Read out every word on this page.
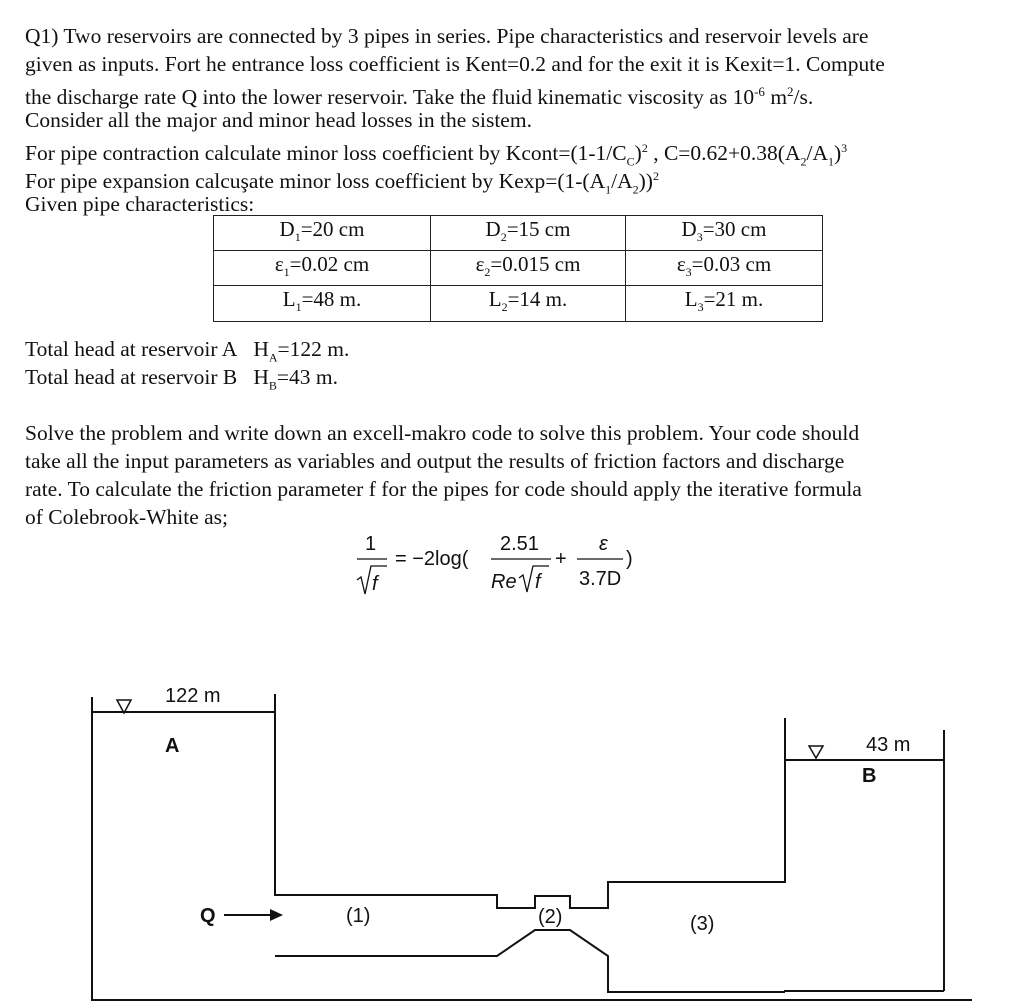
Q1) Two reservoirs are connected by 3 pipes in series. Pipe characteristics and reservoir levels are
given as inputs. Fort he entrance loss coefficient is Kent=0.2 and for the exit it is Kexit=1. Compute
the discharge rate Q into the lower reservoir. Take the fluid kinematic viscosity as $10^{-6}$ $m^2/s$.
Consider all the major and minor head losses in the sistem.
For pipe contraction calculate minor loss coefficient by $Kcont=(1-1/C_C)^2$ , $C=0.62+0.38(A_2/A_1)^3$
For pipe expansion calcuşate minor loss coefficient by $Kexp=(1-(A_1/A_2))^2$
Given pipe characteristics:
$D_1=20$ cm	$D_2=15$ cm	$D_3=30$ cm
$\varepsilon_1=0.02$ cm	$\varepsilon_2=0.015$ cm	$\varepsilon_3=0.03$ cm
$L_1=48$ m.	$L_2=14$ m.	$L_3=21$ m.
Total head at reservoir A $H_A=122$ m.
Total head at reservoir B $H_B=43$ m.
Solve the problem and write down an excell-makro code to solve this problem. Your code should
take all the input parameters as variables and output the results of friction factors and discharge
rate. To calculate the friction parameter f for the pipes for code should apply the iterative formula
of Colebrook-White as;
1
f
= −2log(
2.51
Re f
+
ε
3.7D
)
122 m
A	43 m
B
Q	(1)	(2)	(3)
